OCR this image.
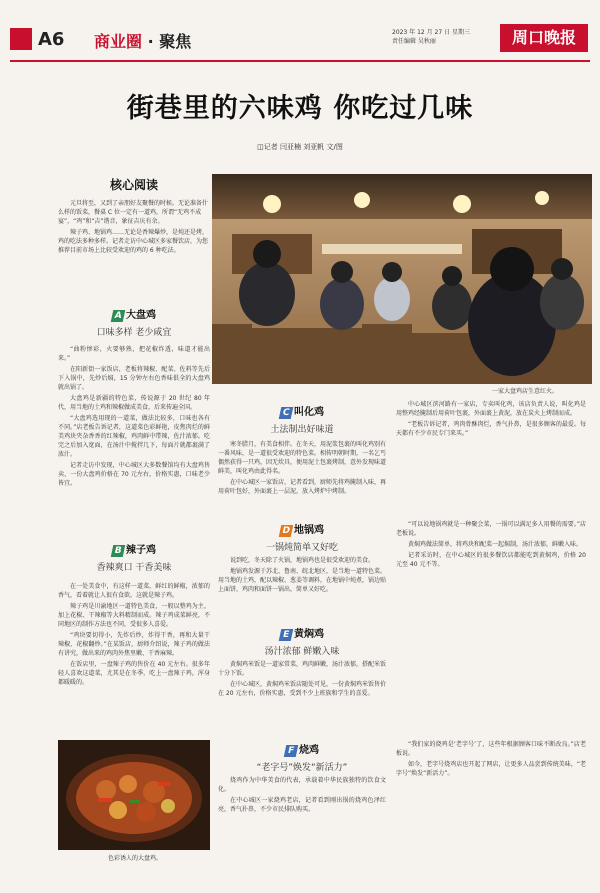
A6 商业圈 · 聚焦	2023 年 12 月 27 日 星期三
责任编辑 吴秋丽	周口晚报
街巷里的六味鸡 你吃过几味
◫记者 闫亚楠 刘亚帆 文/图
核心阅读

元旦将至，又到了亲朋好友聚餐的时候。无论准备什么样的饭菜，餐桌 C 位一定有一道鸡，所谓“无鸡不成宴”，“鸡”和“吉”谐音，象征吉庆有余。

辣子鸡、地锅鸡……无论是香辣爆炒，是炖还是烤，鸡的吃法多种多样。记者走访中心城区多家餐饮店，为您推荐目前市场上比较受欢迎的鸡的 6 种吃法。

一家大盘鸡店生意红火。
A 大盘鸡
口味多样 老少咸宜

“曲粉惨彩，火要够熟，把花椒炸透，味道才能出来。”

在阳新街一家饭店，老板将辣椒、配菜、佐料等先后下入锅中，先炒后焖，15 分钟左右色香味俱全的大盘鸡就出锅了。

大盘鸡是新疆的特色菜，传说源于 20 世纪 80 年代，用当地的土鸡和辣椒做成美食，后来传遍全国。

“大盘鸡选用现的一道菜，做法比较多，口味也各有不同。”店老板告诉记者，这道菜色彩鲜艳，皮焦肉烂的鲜美鸡块夹杂香香的红辣椒，鸡肉鲜中带辣，佐汁浓郁。吃完之后加入宽面，在汤汁中搅拌几下，每面片就都裹满了浓汁。

记者走访中发现，中心城区大多数餐馆均有大盘鸡售卖，一份大盘鸡价格在 70 元左右，价格实惠，口味老少皆宜。

B 辣子鸡
香辣爽口 干香美味

在一处美食中，有这样一道菜，鲜红的鲜椒，浓郁的香气，看着就让人很有食欲。这就是辣子鸡。

辣子鸡是川渝地区一道特色美食，一般以整鸡为主，加上花椒、干辣椒等大料精制而成。辣子鸡成菜鲜亮，不同地区的制作方法也不同，受很多人喜爱。

“鸡块要切得小，先炸后炒，炸得干香，再和大量干辣椒、花椒翻炒。”在某饭店，厨师介绍说，辣子鸡的做法有讲究，做出来的鸡肉外焦里嫩、干香麻辣。

在饭店里，一盘辣子鸡的售价在 40 元左右。很多年轻人喜欢这道菜，尤其是在冬季，吃上一盘辣子鸡，浑身都暖暖的。

色彩诱人的大盘鸡。
C 叫化鸡
土法制出好味道

寒冬腊月，有美食相伴。在冬天，用泥浆包裹的叫化鸡别有一番风味，是一道很受欢迎的特色菜。相传明朝时期，一名乞丐偶然获得一只鸡，因无炊具，便用泥土包裹烤制，意外发现味道鲜美，叫化鸡由此得名。

在中心城区一家饭店，记者看到，厨师先将鸡腌制入味，再用荷叶包好，外面裹上一层泥，放入烤炉中烤制。

中心城区滨河路有一家店，专卖叫化鸡，该店负责人说，叫化鸡是用整鸡经腌制后用荷叶包裹，外面裹上黄泥，放在炭火上烤制而成。

“老板告诉记者，鸡肉骨酥肉烂，香气扑鼻，是很多顾客的最爱。每天都有不少市民专门来买。”

D 地锅鸡
一锅炖简单又好吃

说到吃，冬天除了火锅，地锅鸡也是很受欢迎的美食。

地锅鸡发源于苏北、鲁南、皖北地区，是当地一道特色菜。用当地的土鸡，配以辣椒、葱姜等调料，在地锅中炖煮，锅边贴上面饼，鸡肉和面饼一锅出，简单又好吃。

E 黄焖鸡
汤汁浓郁 鲜嫩入味

黄焖鸡米饭是一道家常菜，鸡肉鲜嫩，汤汁浓郁，搭配米饭十分下饭。

在中心城区，黄焖鸡米饭店随处可见，一份黄焖鸡米饭售价在 20 元左右，价格实惠，受到不少上班族和学生的喜爱。

“可以说地锅鸡就是一种聚会菜，一锅可以满足多人用餐的需要。”店老板说。

黄焖鸡做法简单，将鸡块和配菜一起焖制，汤汁浓郁，鲜嫩入味。

记者采访时，在中心城区的很多餐饮店都能吃到黄焖鸡，价格 20 元至 40 元不等。

F 烧鸡
“老字号”焕发“新活力”

烧鸡作为中华美食的代表，承载着中华民族独特的饮食文化。

在中心城区一家烧鸡老店，记者看到刚出锅的烧鸡色泽红亮，香气扑鼻，不少市民排队购买。

“我们家的烧鸡是‘老字号’了，这些年根据顾客口味不断改良。”店老板说。

如今，老字号烧鸡店也开起了网店，让更多人品尝到传统美味，“老字号”焕发“新活力”。
